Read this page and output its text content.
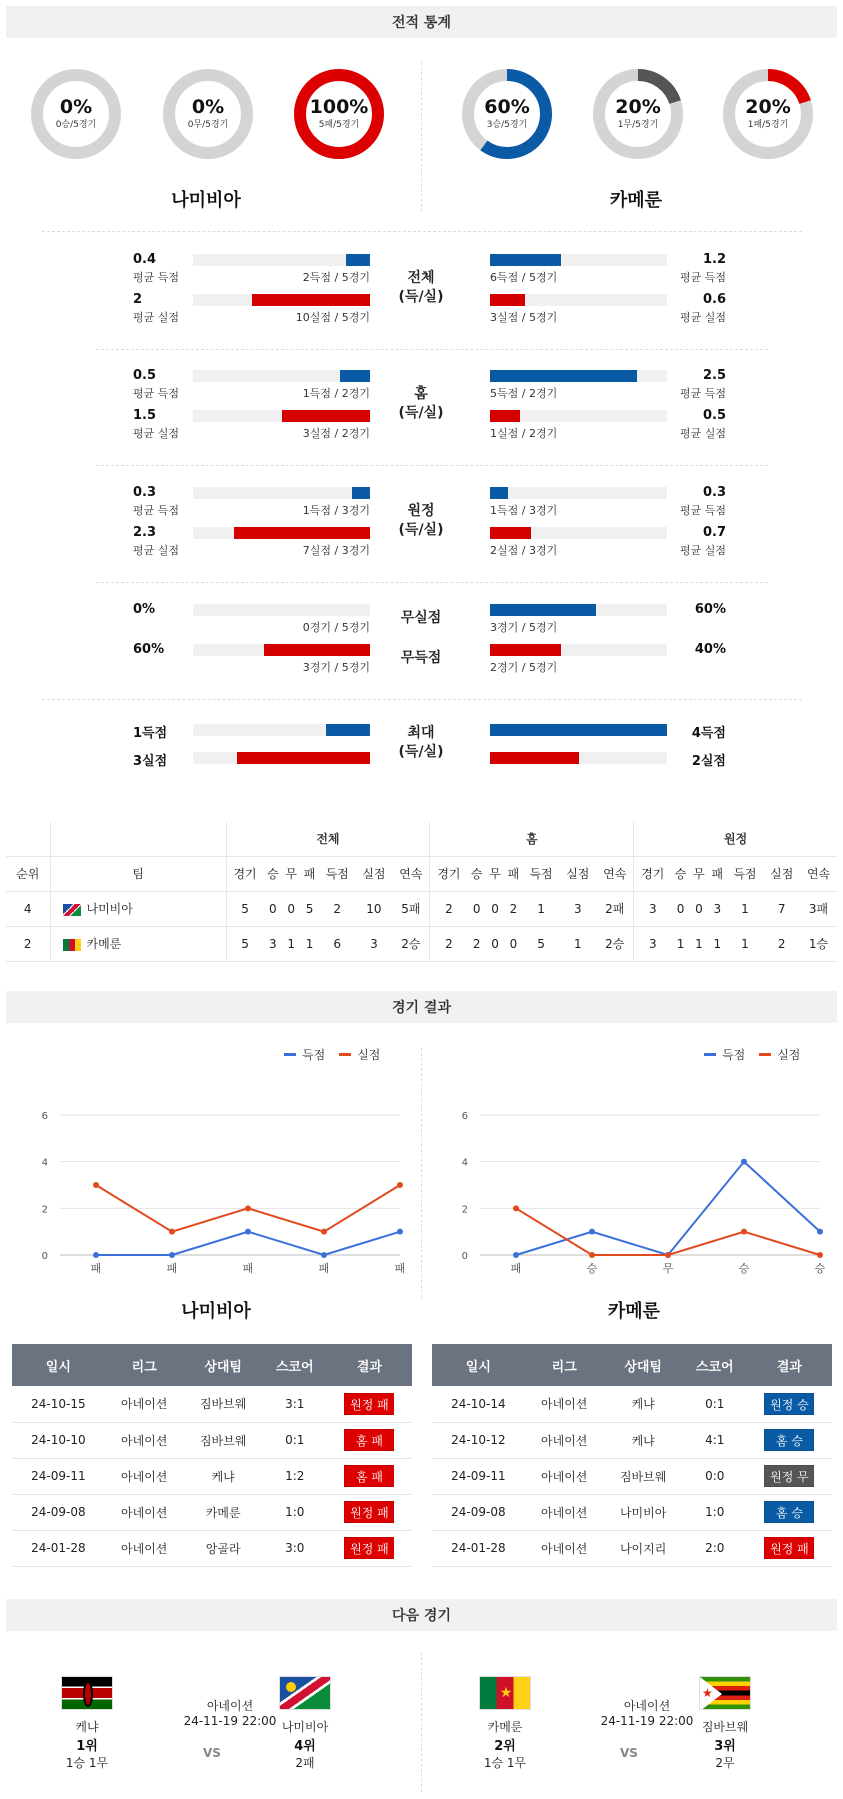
전적 통계
0%
0승/5경기
0%
0무/5경기
100%
5패/5경기
60%
3승/5경기
20%
1무/5경기
20%
1패/5경기
나미비아	카메룬
0.4
평균 득점	2득점 / 5경기
1.2
평균 득점
6득점 / 5경기
2
평균 실점	10실점 / 5경기
0.6
평균 실점
3실점 / 5경기
전체
(득/실)
0.5
평균 득점	1득점 / 2경기
2.5
평균 득점
5득점 / 2경기
1.5
평균 실점	3실점 / 2경기
0.5
평균 실점
1실점 / 2경기
홈
(득/실)
0.3
평균 득점	1득점 / 3경기
0.3
평균 득점
1득점 / 3경기
2.3
평균 실점	7실점 / 3경기
0.7
평균 실점
2실점 / 3경기
원정
(득/실)
0%
0경기 / 5경기
60%
3경기 / 5경기
무실점
60%
3경기 / 5경기
40%
2경기 / 5경기
무득점
1득점	4득점
3실점	2실점
최대
(득/실)
		전체							홈							원정						
순위	팀	경기	승	무	패	득점	실점	연속	경기	승	무	패	득점	실점	연속	경기	승	무	패	득점	실점	연속
4	나미비아	5	0	0	5	2	10	5패	2	0	0	2	1	3	2패	3	0	0	3	1	7	3패
2	카메룬	5	3	1	1	6	3	2승	2	2	0	0	5	1	2승	3	1	1	1	1	2	1승
경기 결과
득점	실점	득점	실점
0
2
4
6
패	패	패	패	패
0
2
4
6
패	승	무	승	승
나미비아	카메룬
일시	리그	상대팀	스코어	결과
24-10-15	아네이션	짐바브웨	3:1	원정 패
24-10-10	아네이션	짐바브웨	0:1	홈 패
24-09-11	아네이션	케냐	1:2	홈 패
24-09-08	아네이션	카메룬	1:0	원정 패
24-01-28	아네이션	앙골라	3:0	원정 패
일시	리그	상대팀	스코어	결과
24-10-14	아네이션	케냐	0:1	원정 승
24-10-12	아네이션	케냐	4:1	홈 승
24-09-11	아네이션	짐바브웨	0:0	원정 무
24-09-08	아네이션	나미비아	1:0	홈 승
24-01-28	아네이션	나이지리	2:0	원정 패
다음 경기
아네이션
24-11-19 22:00
VS
케냐
1위
1승 1무
나미비아
4위
2패
아네이션
24-11-19 22:00
VS
★
카메룬
2위
1승 1무
★
짐바브웨
3위
2무
